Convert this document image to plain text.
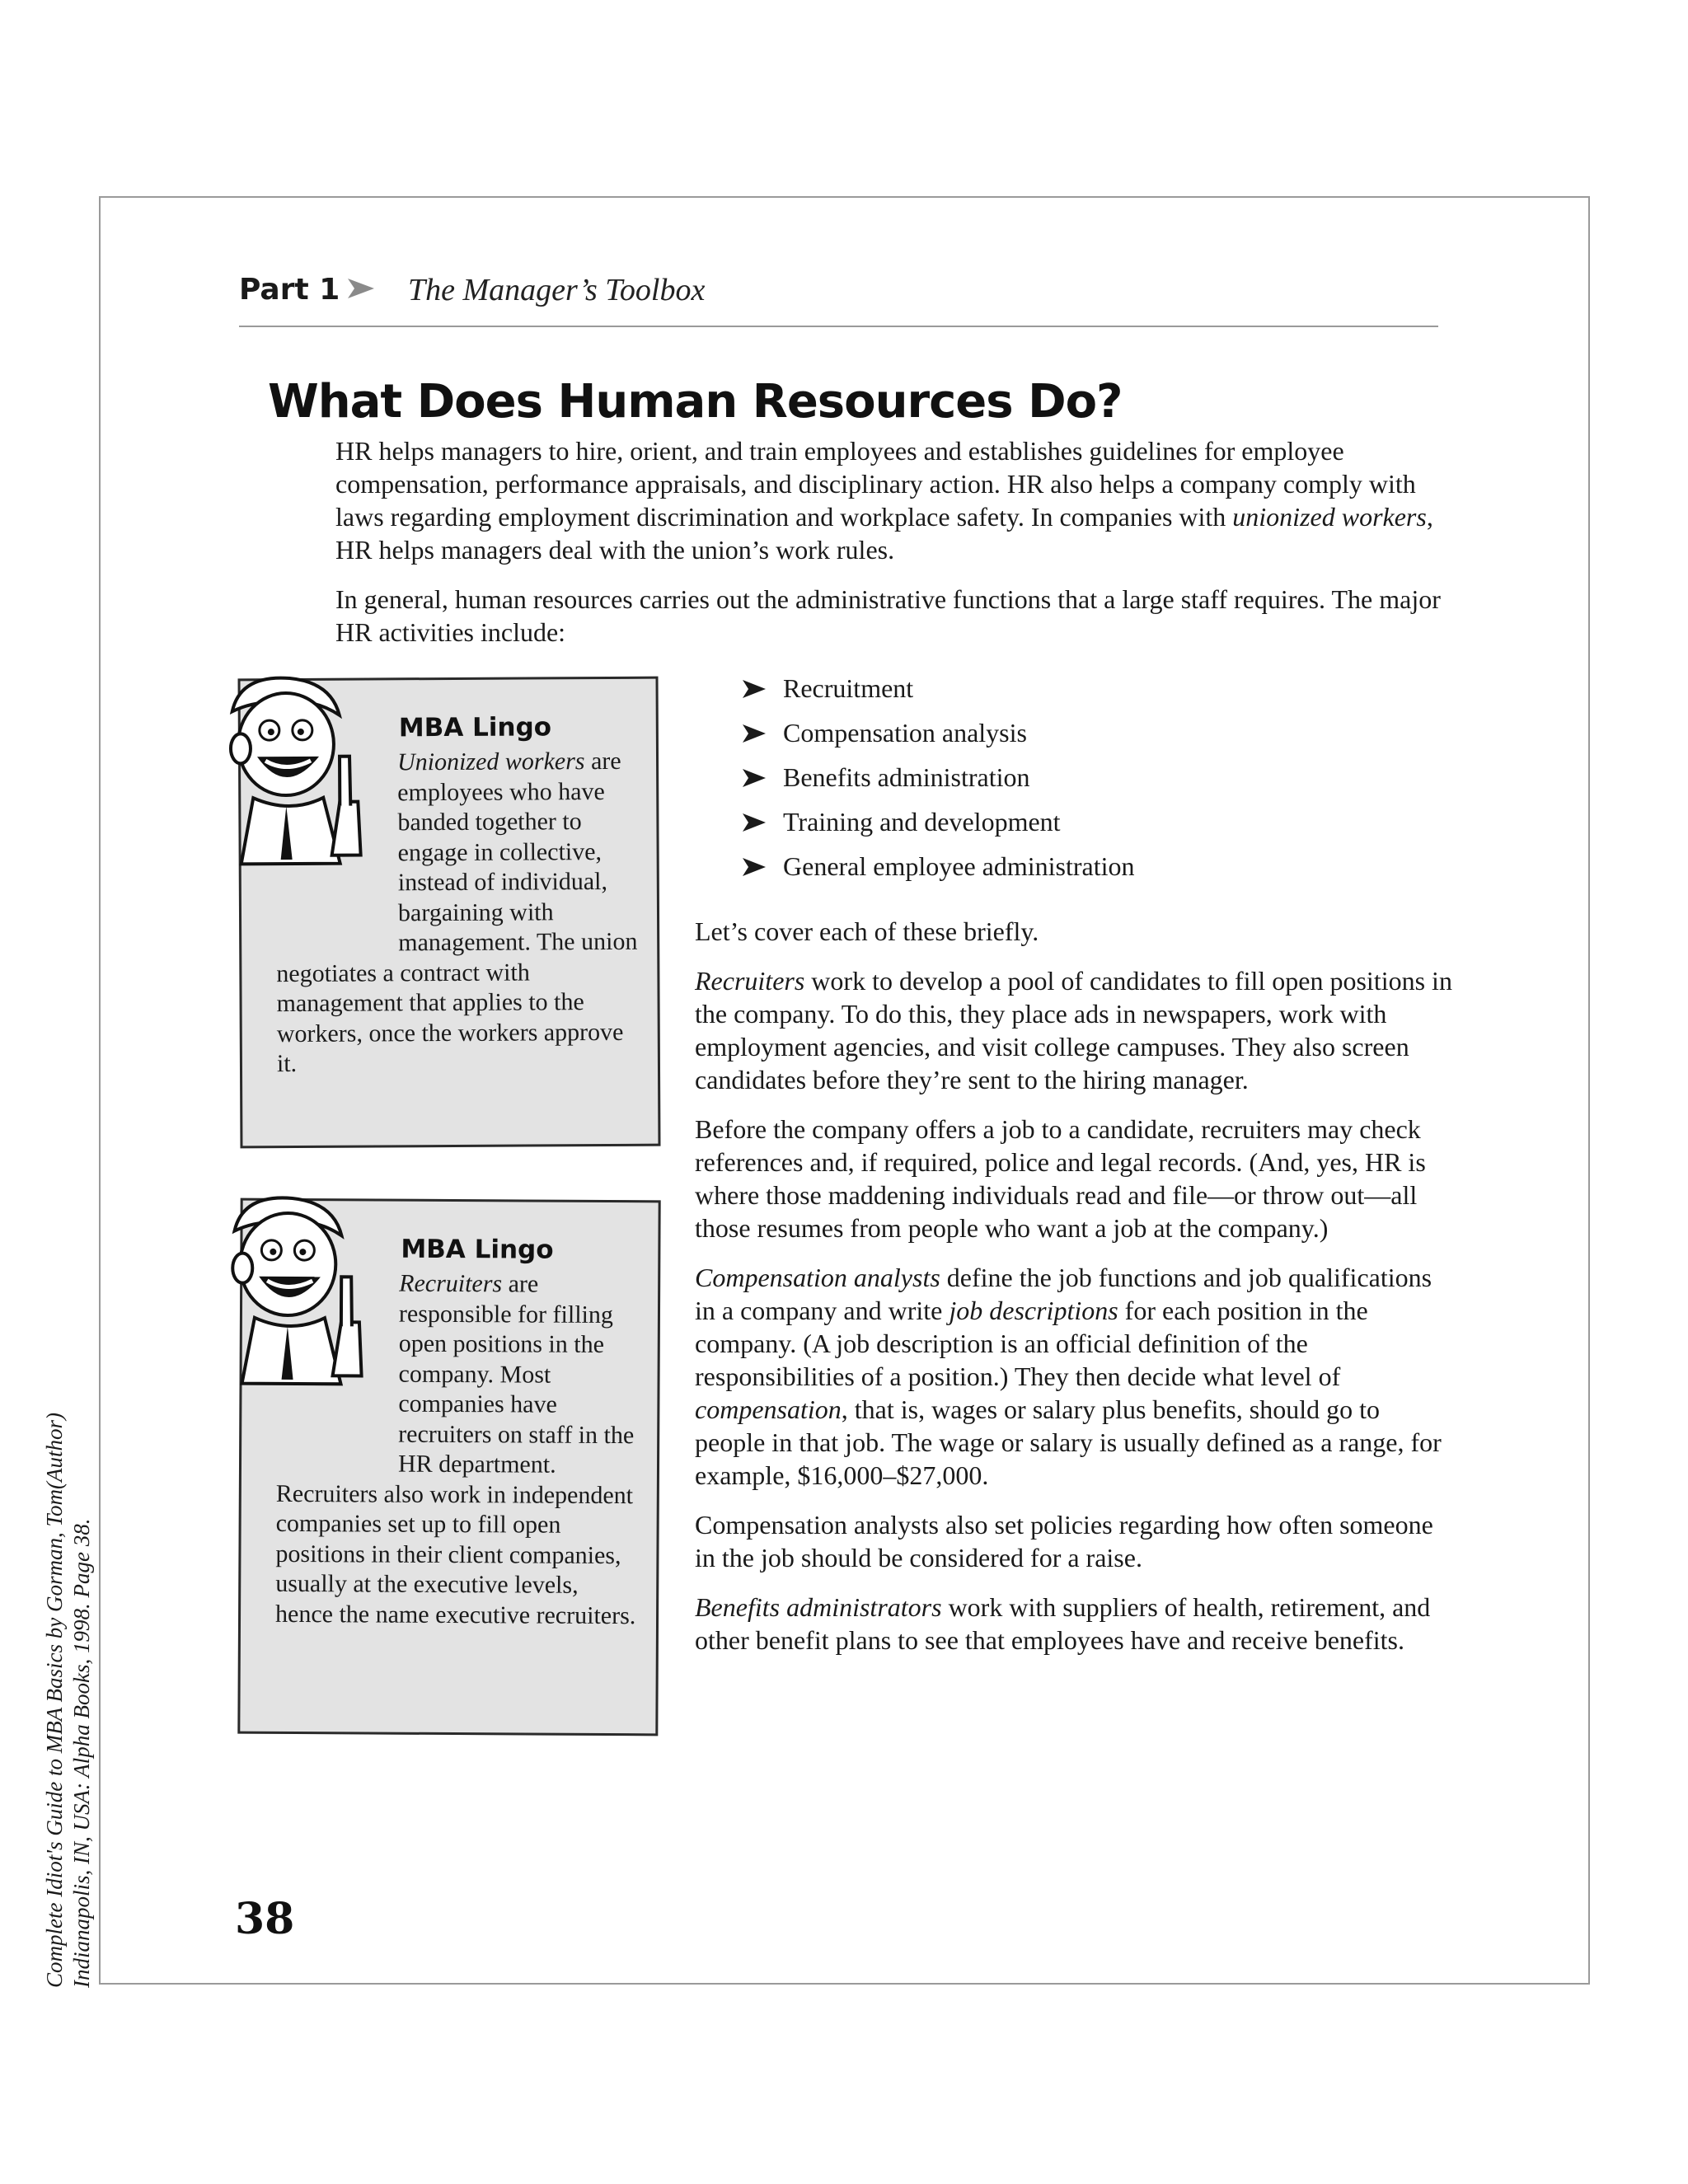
Complete Idiot's Guide to MBA Basics by Gorman, Tom(Author) Indianapolis, IN, USA: Alpha Books, 1998. Page 38.
Part 1 The Manager’s Toolbox
What Does Human Resources Do?

HR helps managers to hire, orient, and train employees and establishes guidelines for employee compensation, performance appraisals, and disciplinary action. HR also helps a company comply with laws regarding employment discrimination and workplace safety. In companies with unionized workers, HR helps managers deal with the union’s work rules.

In general, human resources carries out the administrative functions that a large staff requires. The major HR activities include:

Recruitment
Compensation analysis
Benefits administration
Training and development
General employee administration

Let’s cover each of these briefly.

Recruiters work to develop a pool of candidates to fill open positions in the company. To do this, they place ads in newspapers, work with employment agencies, and visit college campuses. They also screen candidates before they’re sent to the hiring manager.

Before the company offers a job to a candidate, recruiters may check references and, if required, police and legal records. (And, yes, HR is where those maddening individuals read and file—or throw out—all those resumes from people who want a job at the company.)

Compensation analysts define the job functions and job qualifications in a company and write job descriptions for each position in the company. (A job description is an official definition of the responsibilities of a position.) They then decide what level of compensation, that is, wages or salary plus benefits, should go to people in that job. The wage or salary is usually defined as a range, for example, $16,000–$27,000.

Compensation analysts also set policies regarding how often someone in the job should be considered for a raise.

Benefits administrators work with suppliers of health, retirement, and other benefit plans to see that employees have and receive benefits.

MBA Lingo
Unionized workers are employees who have banded together to engage in collective, instead of individual, bargaining with management. The union negotiates a contract with management that applies to the workers, once the workers approve it.
MBA Lingo
Recruiters are responsible for filling open positions in the company. Most companies have recruiters on staff in the HR department. Recruiters also work in independent companies set up to fill open positions in their client companies, usually at the executive levels, hence the name executive recruiters.
38
